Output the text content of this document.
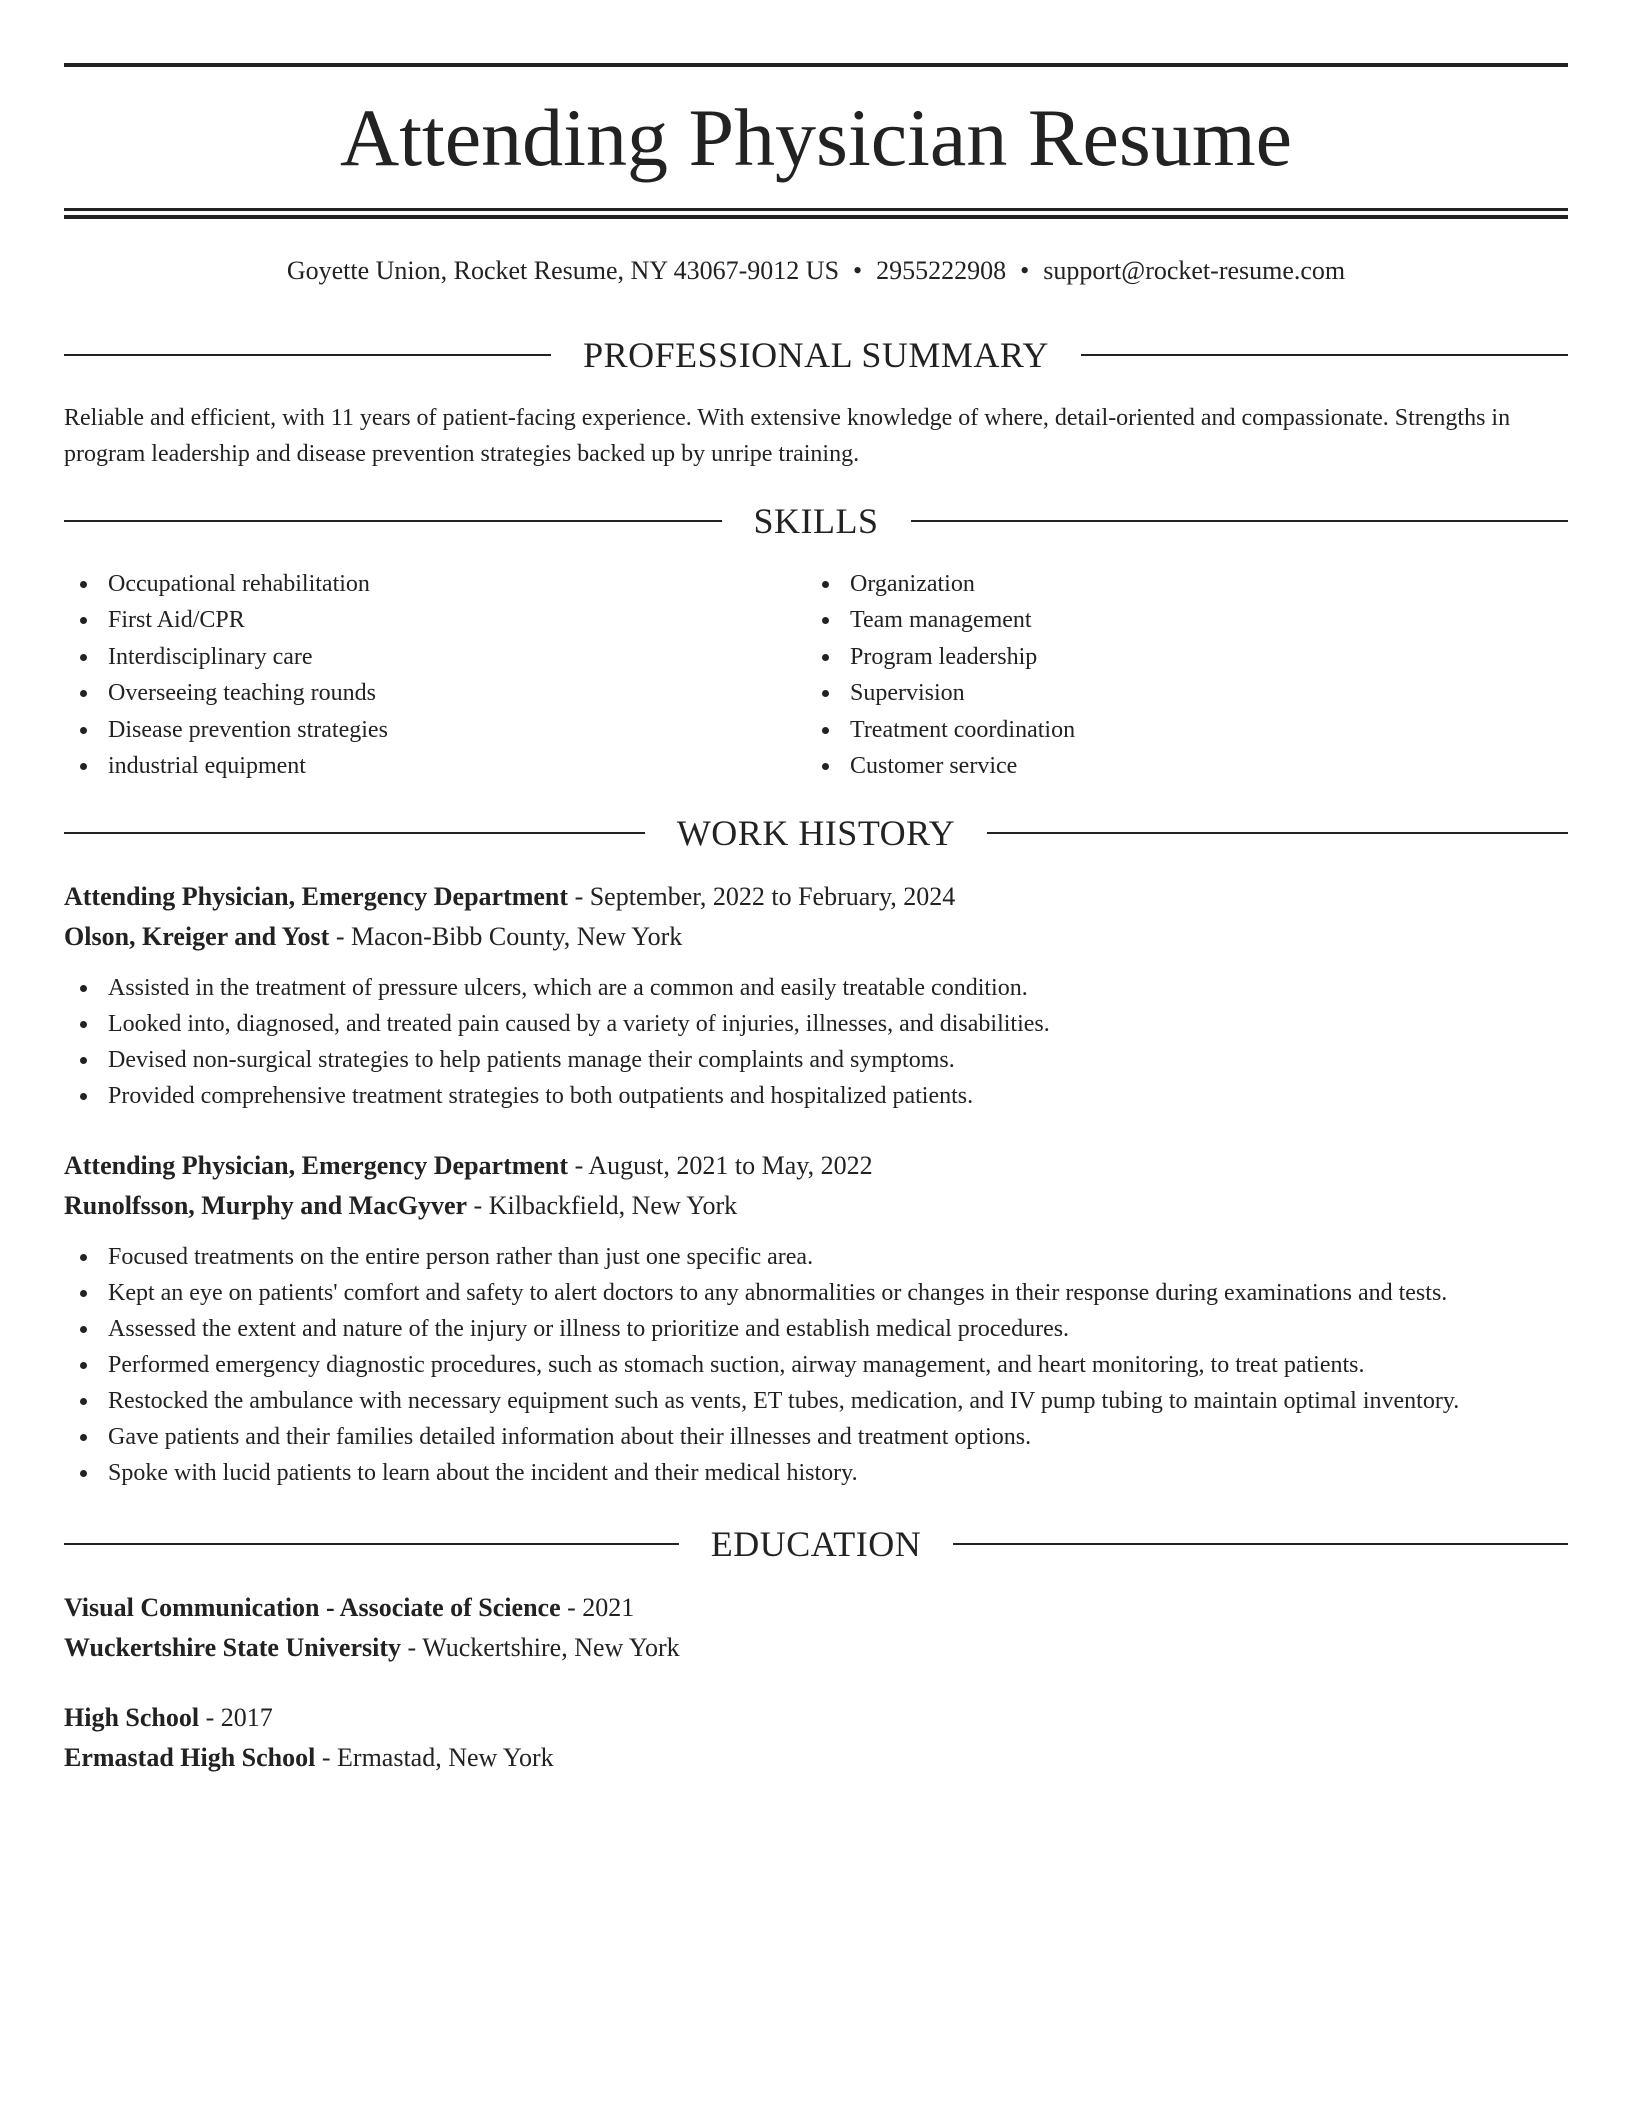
Attending Physician Resume
Goyette Union, Rocket Resume, NY 43067-9012 US • 2955222908 • support@rocket-resume.com
PROFESSIONAL SUMMARY

Reliable and efficient, with 11 years of patient-facing experience. With extensive knowledge of where, detail-oriented and compassionate. Strengths in program leadership and disease prevention strategies backed up by unripe training.

SKILLS
Occupational rehabilitation
First Aid/CPR
Interdisciplinary care
Overseeing teaching rounds
Disease prevention strategies
industrial equipment
Organization
Team management
Program leadership
Supervision
Treatment coordination
Customer service
WORK HISTORY
Attending Physician, Emergency Department - September, 2022 to February, 2024
Olson, Kreiger and Yost - Macon-Bibb County, New York
Assisted in the treatment of pressure ulcers, which are a common and easily treatable condition.
Looked into, diagnosed, and treated pain caused by a variety of injuries, illnesses, and disabilities.
Devised non-surgical strategies to help patients manage their complaints and symptoms.
Provided comprehensive treatment strategies to both outpatients and hospitalized patients.
Attending Physician, Emergency Department - August, 2021 to May, 2022
Runolfsson, Murphy and MacGyver - Kilbackfield, New York
Focused treatments on the entire person rather than just one specific area.
Kept an eye on patients' comfort and safety to alert doctors to any abnormalities or changes in their response during examinations and tests.
Assessed the extent and nature of the injury or illness to prioritize and establish medical procedures.
Performed emergency diagnostic procedures, such as stomach suction, airway management, and heart monitoring, to treat patients.
Restocked the ambulance with necessary equipment such as vents, ET tubes, medication, and IV pump tubing to maintain optimal inventory.
Gave patients and their families detailed information about their illnesses and treatment options.
Spoke with lucid patients to learn about the incident and their medical history.
EDUCATION
Visual Communication - Associate of Science - 2021
Wuckertshire State University - Wuckertshire, New York
High School - 2017
Ermastad High School - Ermastad, New York
